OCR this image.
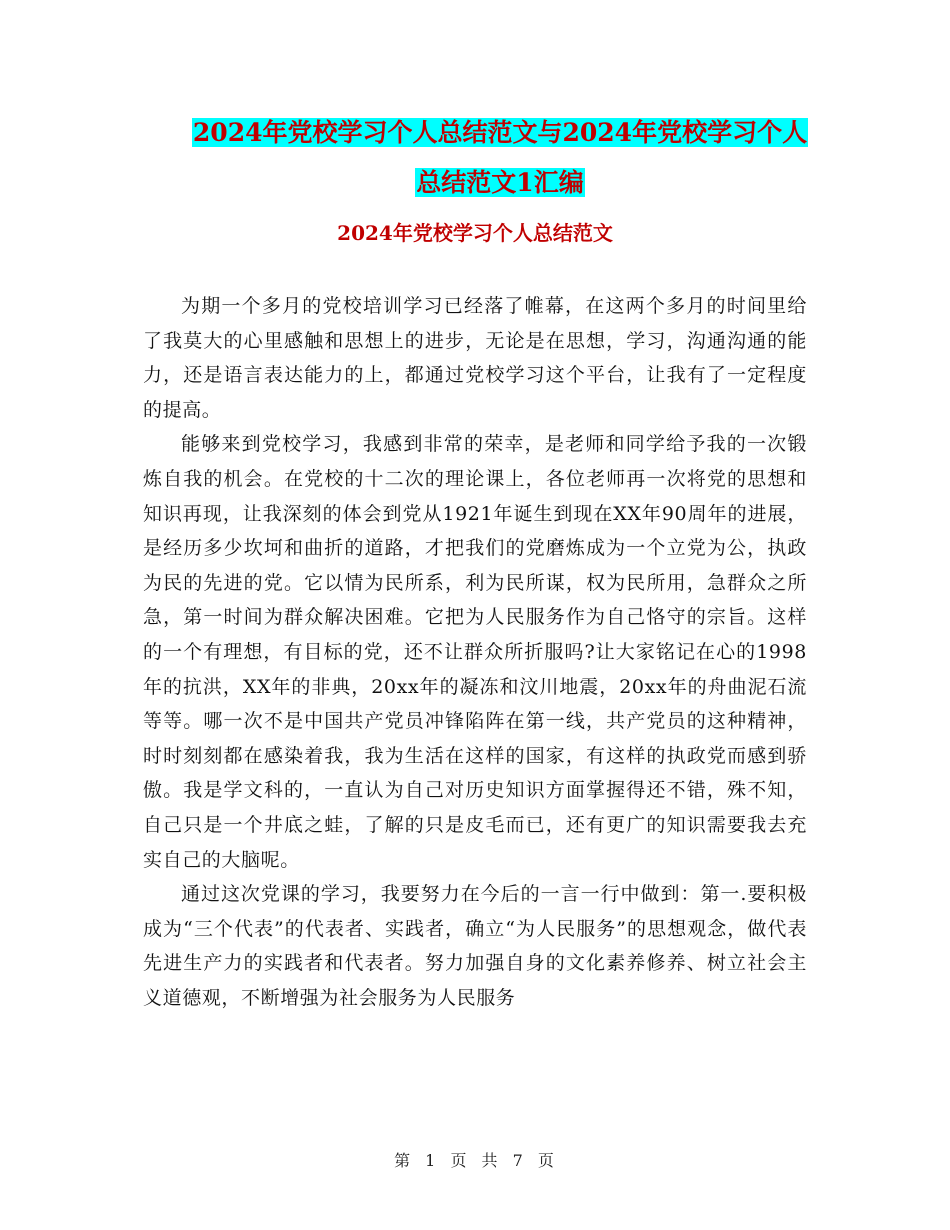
2024年党校学习个人总结范文与2024年党校学习个人
总结范文1汇编
2024年党校学习个人总结范文

为期一个多月的党校培训学习已经落了帷幕，在这两个多月的时间里给了我莫大的心里感触和思想上的进步，无论是在思想，学习，沟通沟通的能力，还是语言表达能力的上，都通过党校学习这个平台，让我有了一定程度的提高。

能够来到党校学习，我感到非常的荣幸，是老师和同学给予我的一次锻炼自我的机会。在党校的十二次的理论课上，各位老师再一次将党的思想和知识再现，让我深刻的体会到党从1921年诞生到现在XX年90周年的进展，是经历多少坎坷和曲折的道路，才把我们的党磨炼成为一个立党为公，执政为民的先进的党。它以情为民所系，利为民所谋，权为民所用，急群众之所急，第一时间为群众解决困难。它把为人民服务作为自己恪守的宗旨。这样的一个有理想，有目标的党，还不让群众所折服吗?让大家铭记在心的1998年的抗洪，XX年的非典，20xx年的凝冻和汶川地震，20xx年的舟曲泥石流等等。哪一次不是中国共产党员冲锋陷阵在第一线，共产党员的这种精神，时时刻刻都在感染着我，我为生活在这样的国家，有这样的执政党而感到骄傲。我是学文科的，一直认为自己对历史知识方面掌握得还不错，殊不知，自己只是一个井底之蛙，了解的只是皮毛而已，还有更广的知识需要我去充实自己的大脑呢。

通过这次党课的学习，我要努力在今后的一言一行中做到：第一.要积极成为“三个代表”的代表者、实践者，确立“为人民服务”的思想观念，做代表先进生产力的实践者和代表者。努力加强自身的文化素养修养、树立社会主义道德观，不断增强为社会服务为人民服务

第 1 页 共 7 页
